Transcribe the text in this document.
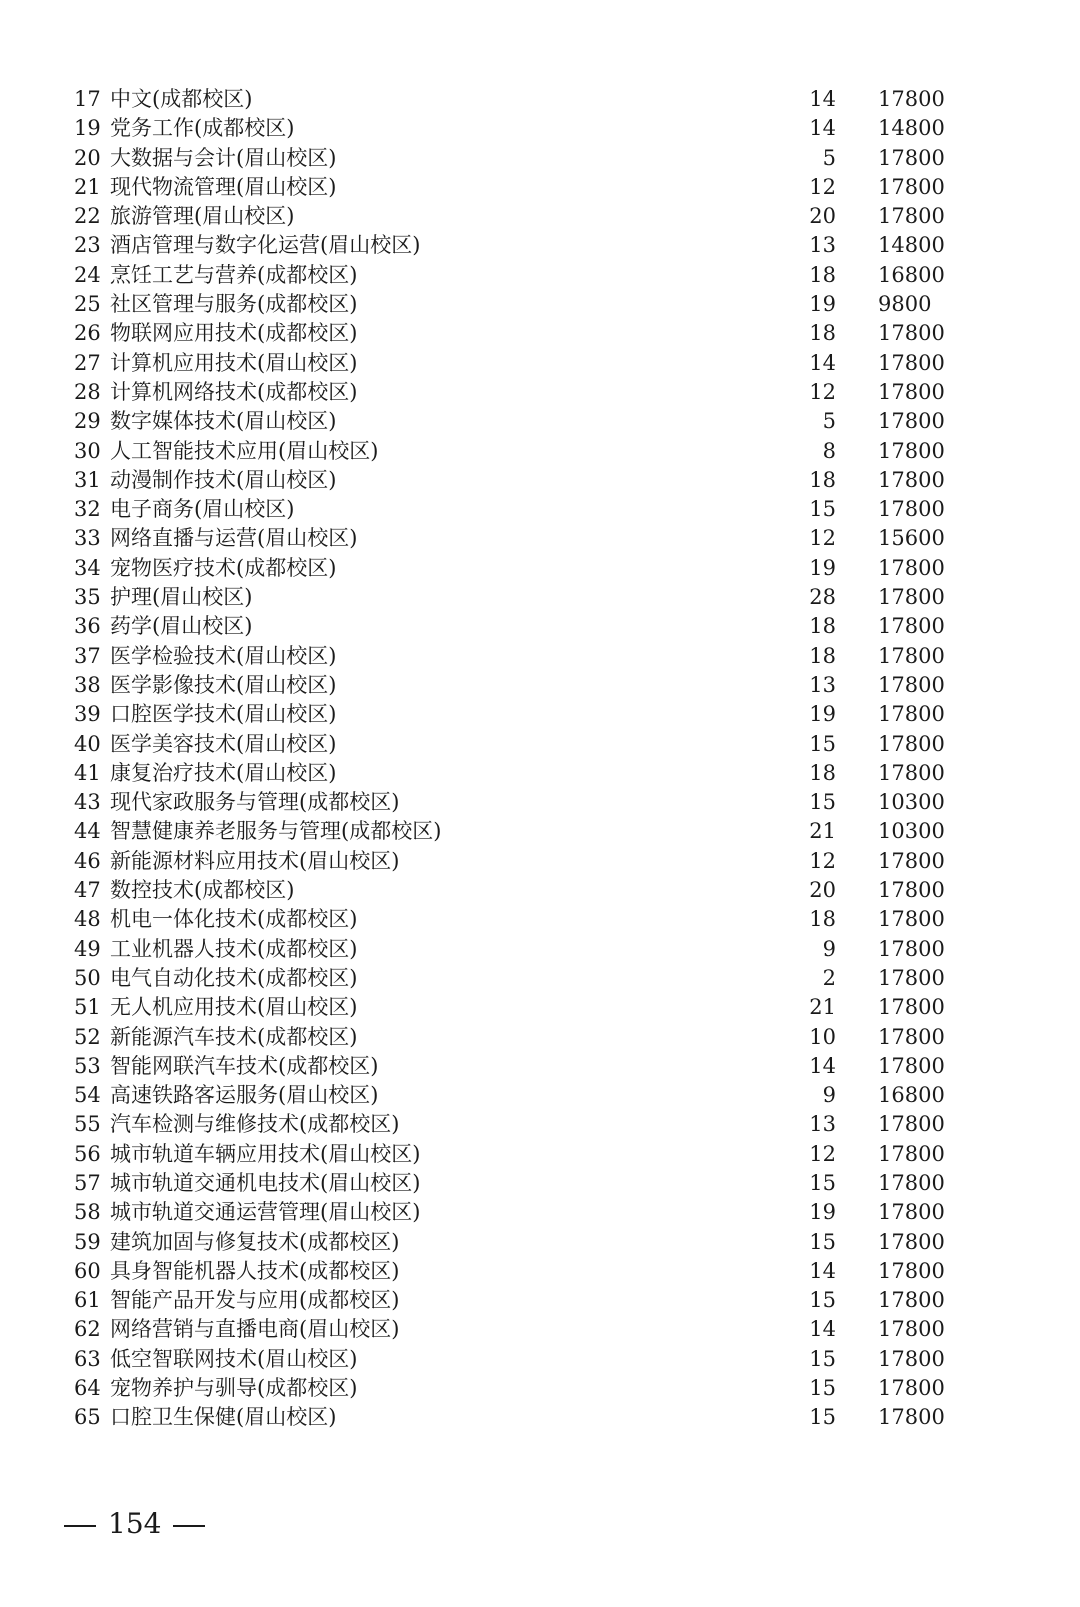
17 中文(成都校区)	14 17800
19 党务工作(成都校区)	14 14800
20 大数据与会计(眉山校区)	5 17800
21 现代物流管理(眉山校区)	12 17800
22 旅游管理(眉山校区)	20 17800
23 酒店管理与数字化运营(眉山校区)	13 14800
24 烹饪工艺与营养(成都校区)	18 16800
25 社区管理与服务(成都校区)	19 9800
26 物联网应用技术(成都校区)	18 17800
27 计算机应用技术(眉山校区)	14 17800
28 计算机网络技术(成都校区)	12 17800
29 数字媒体技术(眉山校区)	5 17800
30 人工智能技术应用(眉山校区)	8 17800
31 动漫制作技术(眉山校区)	18 17800
32 电子商务(眉山校区)	15 17800
33 网络直播与运营(眉山校区)	12 15600
34 宠物医疗技术(成都校区)	19 17800
35 护理(眉山校区)	28 17800
36 药学(眉山校区)	18 17800
37 医学检验技术(眉山校区)	18 17800
38 医学影像技术(眉山校区)	13 17800
39 口腔医学技术(眉山校区)	19 17800
40 医学美容技术(眉山校区)	15 17800
41 康复治疗技术(眉山校区)	18 17800
43 现代家政服务与管理(成都校区)	15 10300
44 智慧健康养老服务与管理(成都校区)	21 10300
46 新能源材料应用技术(眉山校区)	12 17800
47 数控技术(成都校区)	20 17800
48 机电一体化技术(成都校区)	18 17800
49 工业机器人技术(成都校区)	9 17800
50 电气自动化技术(成都校区)	2 17800
51 无人机应用技术(眉山校区)	21 17800
52 新能源汽车技术(成都校区)	10 17800
53 智能网联汽车技术(成都校区)	14 17800
54 高速铁路客运服务(眉山校区)	9 16800
55 汽车检测与维修技术(成都校区)	13 17800
56 城市轨道车辆应用技术(眉山校区)	12 17800
57 城市轨道交通机电技术(眉山校区)	15 17800
58 城市轨道交通运营管理(眉山校区)	19 17800
59 建筑加固与修复技术(成都校区)	15 17800
60 具身智能机器人技术(成都校区)	14 17800
61 智能产品开发与应用(成都校区)	15 17800
62 网络营销与直播电商(眉山校区)	14 17800
63 低空智联网技术(眉山校区)	15 17800
64 宠物养护与驯导(成都校区)	15 17800
65 口腔卫生保健(眉山校区)	15 17800
154
